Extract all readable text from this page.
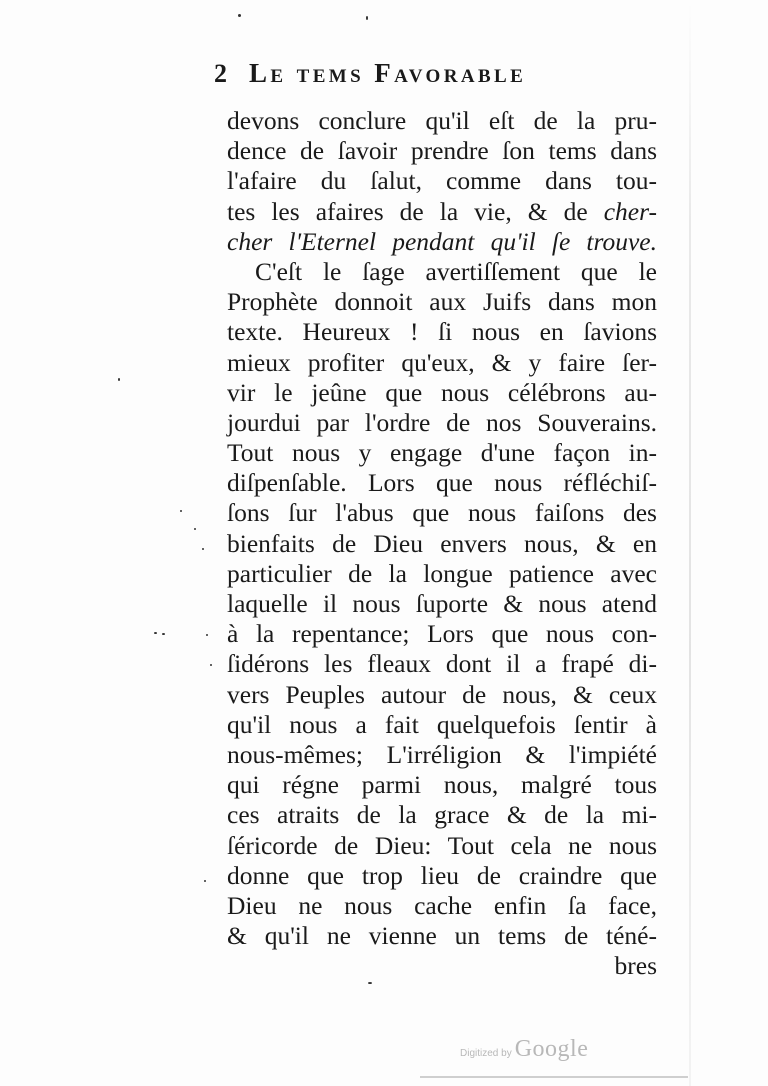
2 Le tems Favorable
devons conclure qu'il eſt de la pru-
dence de ſavoir prendre ſon tems dans
l'afaire du ſalut, comme dans tou-
tes les afaires de la vie, & de cher-
cher l'Eternel pendant qu'il ſe trouve.
C'eſt le ſage avertiſſement que le
Prophète donnoit aux Juifs dans mon
texte. Heureux ! ſi nous en ſavions
mieux profiter qu'eux, & y faire ſer-
vir le jeûne que nous célébrons au-
jourdui par l'ordre de nos Souverains.
Tout nous y engage d'une façon in-
diſpenſable. Lors que nous réfléchiſ-
ſons ſur l'abus que nous faiſons des
bienfaits de Dieu envers nous, & en
particulier de la longue patience avec
laquelle il nous ſuporte & nous atend
à la repentance; Lors que nous con-
ſidérons les fleaux dont il a frapé di-
vers Peuples autour de nous, & ceux
qu'il nous a fait quelquefois ſentir à
nous-mêmes; L'irréligion & l'impiété
qui régne parmi nous, malgré tous
ces atraits de la grace & de la mi-
ſéricorde de Dieu: Tout cela ne nous
donne que trop lieu de craindre que
Dieu ne nous cache enfin ſa face,
& qu'il ne vienne un tems de téné-
bres
Digitized by Google
